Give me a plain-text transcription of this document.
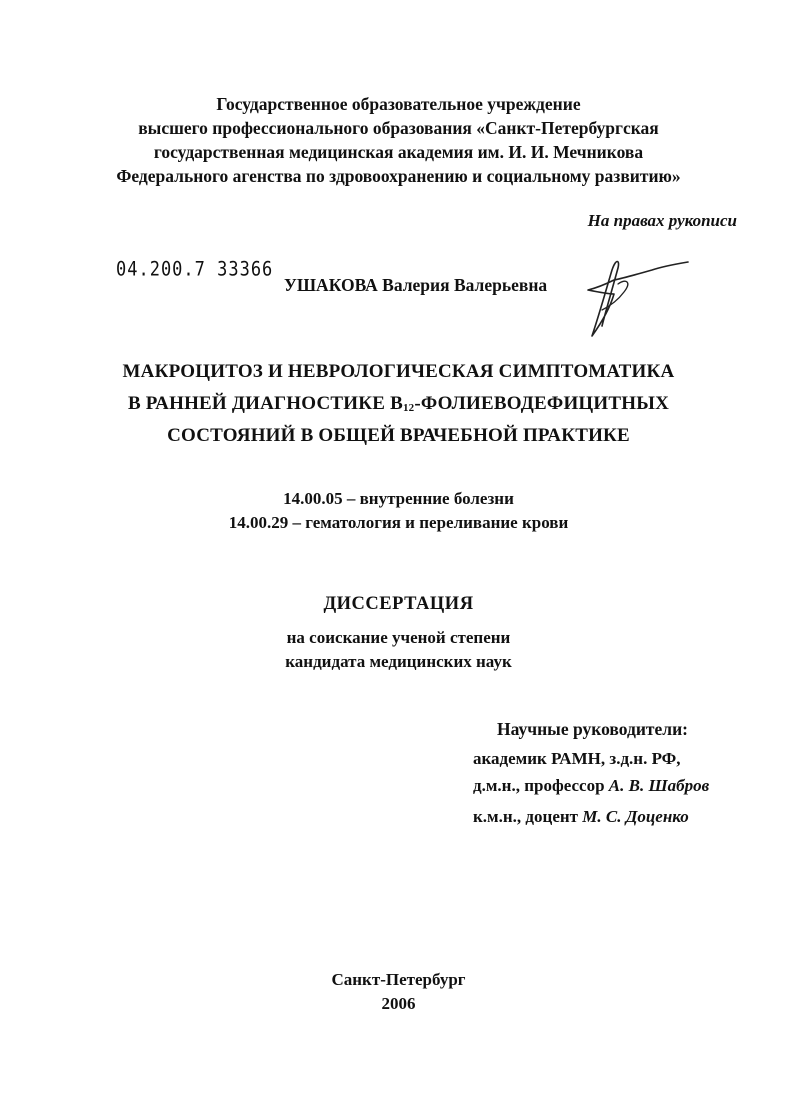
Государственное образовательное учреждение
высшего профессионального образования «Санкт-Петербургская
государственная медицинская академия им. И. И. Мечникова
Федерального агенства по здровоохранению и социальному развитию»
На правах рукописи
04.200.7 33366
УШАКОВА Валерия Валерьевна
МАКРОЦИТОЗ И НЕВРОЛОГИЧЕСКАЯ СИМПТОМАТИКА
В РАННЕЙ ДИАГНОСТИКЕ $В_{12}$-ФОЛИЕВОДЕФИЦИТНЫХ
СОСТОЯНИЙ В ОБЩЕЙ ВРАЧЕБНОЙ ПРАКТИКЕ
14.00.05 – внутренние болезни
14.00.29 – гематология и переливание крови
ДИССЕРТАЦИЯ
на соискание ученой степени
кандидата медицинских наук
Научные руководители:
академик РАМН, з.д.н. РФ,
д.м.н., профессор А. В. Шабров
к.м.н., доцент М. С. Доценко
Санкт-Петербург
2006
